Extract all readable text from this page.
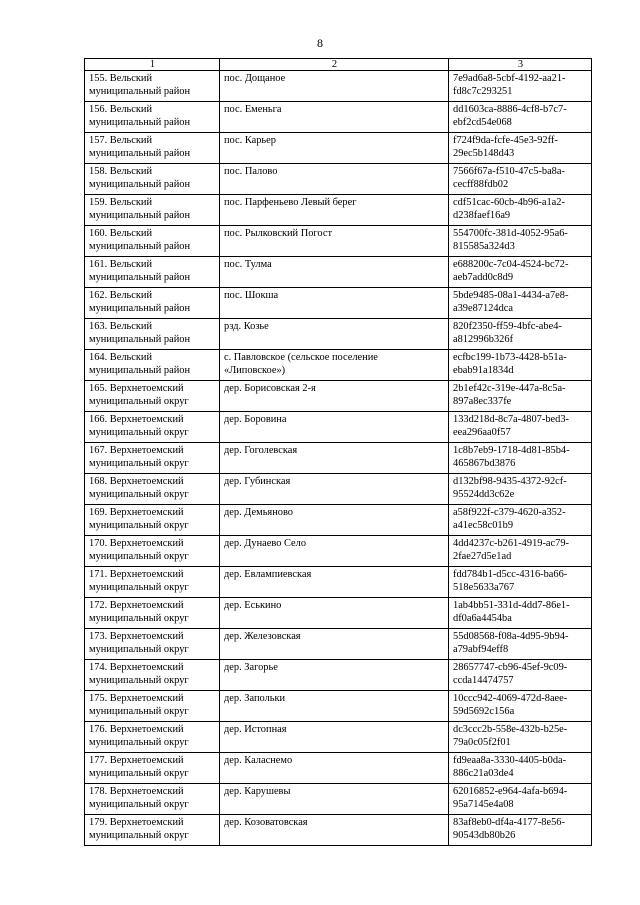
8
1	2	3

155. Вельский
муниципальный район	пос. Дощаное	7e9ad6a8-5cbf-4192-aa21-
fd8c7c293251

156. Вельский
муниципальный район	пос. Еменьга	dd1603ca-8886-4cf8-b7c7-
ebf2cd54e068

157. Вельский
муниципальный район	пос. Карьер	f724f9da-fcfe-45e3-92ff-
29ec5b148d43

158. Вельский
муниципальный район	пос. Палово	7566f67a-f510-47c5-ba8a-
cecff88fdb02

159. Вельский
муниципальный район	пос. Парфеньево Левый берег	cdf51cac-60cb-4b96-a1a2-
d238faef16a9

160. Вельский
муниципальный район	пос. Рылковский Погост	554700fc-381d-4052-95a6-
815585a324d3

161. Вельский
муниципальный район	пос. Тулма	e688200c-7c04-4524-bc72-
aeb7add0c8d9

162. Вельский
муниципальный район	пос. Шокша	5bde9485-08a1-4434-a7e8-
a39e87124dca

163. Вельский
муниципальный район	рзд. Козье	820f2350-ff59-4bfc-abe4-
a812996b326f

164. Вельский
муниципальный район	с. Павловское (сельское поселение
«Липовское»)	ecfbc199-1b73-4428-b51a-
ebab91a1834d

165. Верхнетоемский
муниципальный округ	дер. Борисовская 2-я	2b1ef42c-319e-447a-8c5a-
897a8ec337fe

166. Верхнетоемский
муниципальный округ	дер. Боровина	133d218d-8c7a-4807-bed3-
eea296aa0f57

167. Верхнетоемский
муниципальный округ	дер. Гоголевская	1c8b7eb9-1718-4d81-85b4-
465867bd3876

168. Верхнетоемский
муниципальный округ	дер. Губинская	d132bf98-9435-4372-92cf-
95524dd3c62e

169. Верхнетоемский
муниципальный округ	дер. Демьяново	a58f922f-c379-4620-a352-
a41ec58c01b9

170. Верхнетоемский
муниципальный округ	дер. Дунаево Село	4dd4237c-b261-4919-ac79-
2fae27d5e1ad

171. Верхнетоемский
муниципальный округ	дер. Евлампиевская	fdd784b1-d5cc-4316-ba66-
518e5633a767

172. Верхнетоемский
муниципальный округ	дер. Еськино	1ab4bb51-331d-4dd7-86e1-
df0a6a4454ba

173. Верхнетоемский
муниципальный округ	дер. Железовская	55d08568-f08a-4d95-9b94-
a79abf94eff8

174. Верхнетоемский
муниципальный округ	дер. Загорье	28657747-cb96-45ef-9c09-
ccda14474757

175. Верхнетоемский
муниципальный округ	дер. Запольки	10ccc942-4069-472d-8aee-
59d5692c156a

176. Верхнетоемский
муниципальный округ	дер. Истопная	dc3ccc2b-558e-432b-b25e-
79a0c05f2f01

177. Верхнетоемский
муниципальный округ	дер. Каласнемо	fd9eaa8a-3330-4405-b0da-
886c21a03de4

178. Верхнетоемский
муниципальный округ	дер. Карушевы	62016852-e964-4afa-b694-
95a7145e4a08

179. Верхнетоемский
муниципальный округ	дер. Козоватовская	83af8eb0-df4a-4177-8e56-
90543db80b26
